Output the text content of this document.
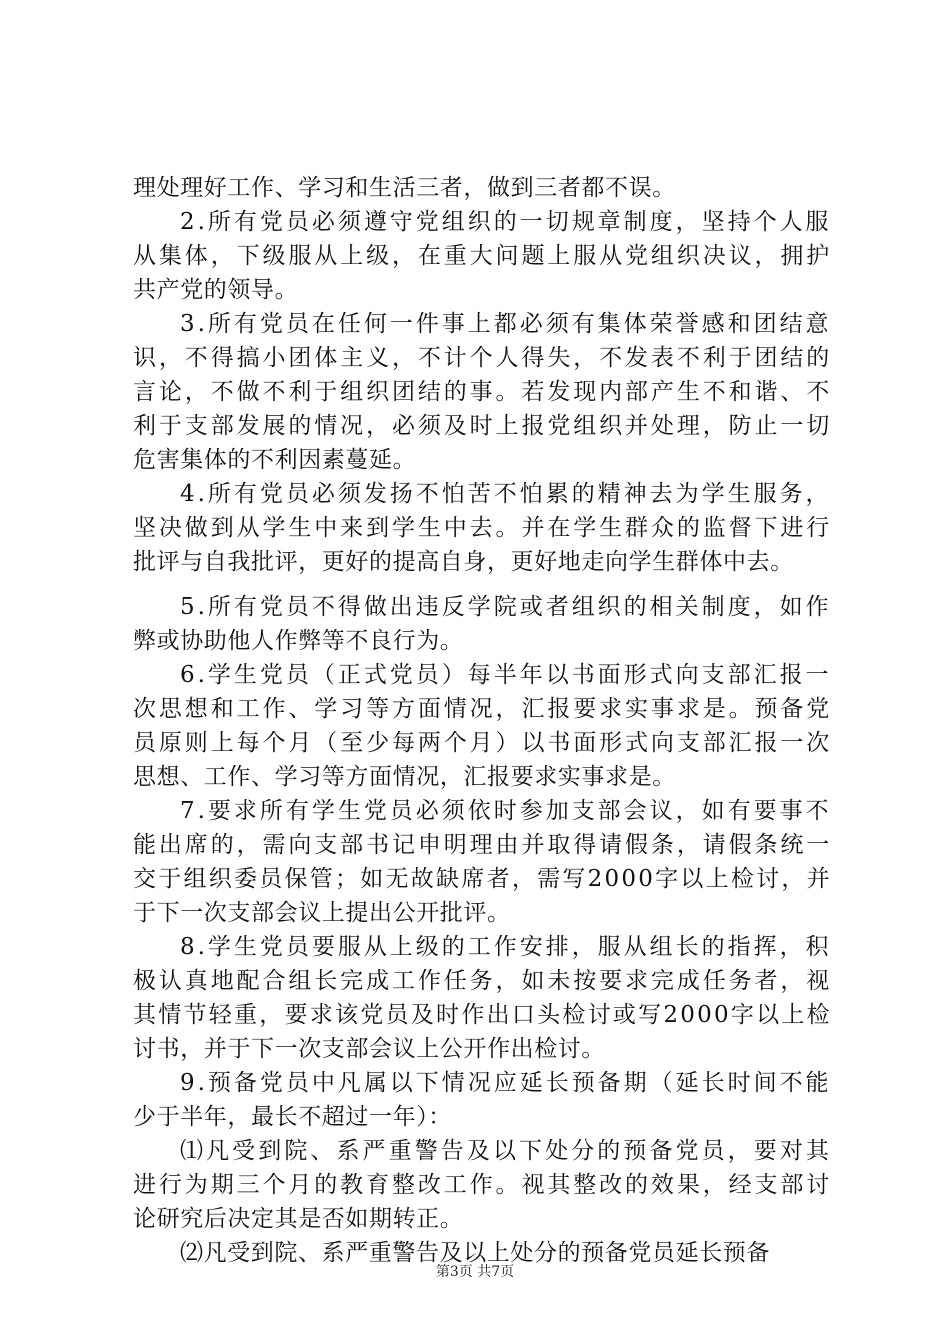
理处理好工作、学习和生活三者，做到三者都不误。
2.所有党员必须遵守党组织的一切规章制度，坚持个人服
从集体，下级服从上级，在重大问题上服从党组织决议，拥护
共产党的领导。
3.所有党员在任何一件事上都必须有集体荣誉感和团结意
识，不得搞小团体主义，不计个人得失，不发表不利于团结的
言论，不做不利于组织团结的事。若发现内部产生不和谐、不
利于支部发展的情况，必须及时上报党组织并处理，防止一切
危害集体的不利因素蔓延。
4.所有党员必须发扬不怕苦不怕累的精神去为学生服务，
坚决做到从学生中来到学生中去。并在学生群众的监督下进行
批评与自我批评，更好的提高自身，更好地走向学生群体中去。
5.所有党员不得做出违反学院或者组织的相关制度，如作
弊或协助他人作弊等不良行为。
6.学生党员（正式党员）每半年以书面形式向支部汇报一
次思想和工作、学习等方面情况，汇报要求实事求是。预备党
员原则上每个月（至少每两个月）以书面形式向支部汇报一次
思想、工作、学习等方面情况，汇报要求实事求是。
7.要求所有学生党员必须依时参加支部会议，如有要事不
能出席的，需向支部书记申明理由并取得请假条，请假条统一
交于组织委员保管；如无故缺席者，需写2000字以上检讨，并
于下一次支部会议上提出公开批评。
8.学生党员要服从上级的工作安排，服从组长的指挥，积
极认真地配合组长完成工作任务，如未按要求完成任务者，视
其情节轻重，要求该党员及时作出口头检讨或写2000字以上检
讨书，并于下一次支部会议上公开作出检讨。
9.预备党员中凡属以下情况应延长预备期（延长时间不能
少于半年，最长不超过一年）：
⑴凡受到院、系严重警告及以下处分的预备党员，要对其
进行为期三个月的教育整改工作。视其整改的效果，经支部讨
论研究后决定其是否如期转正。
⑵凡受到院、系严重警告及以上处分的预备党员延长预备
第3页 共7页
